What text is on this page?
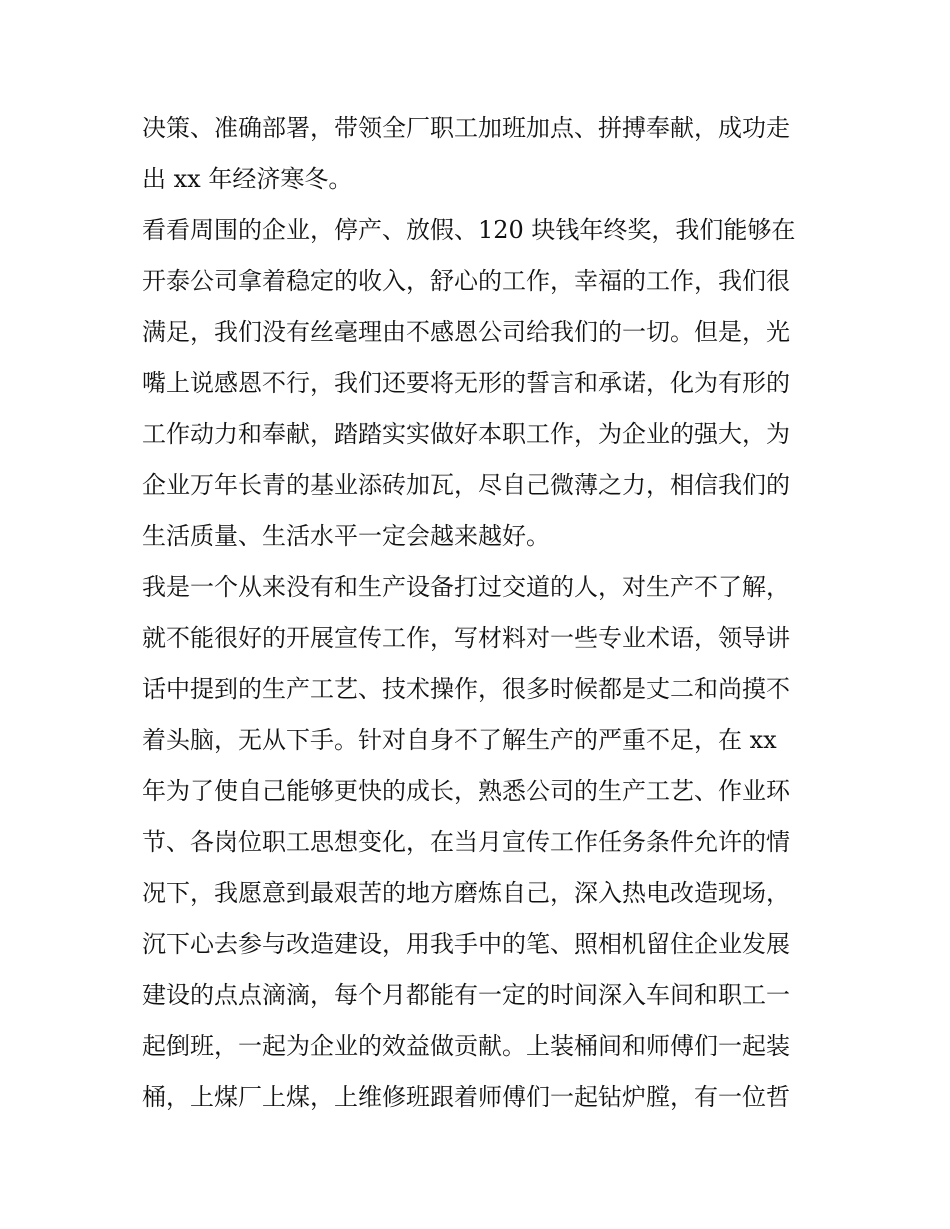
决策、准确部署，带领全厂职工加班加点、拼搏奉献，成功走
出 xx 年经济寒冬。
看看周围的企业，停产、放假、120 块钱年终奖，我们能够在
开泰公司拿着稳定的收入，舒心的工作，幸福的工作，我们很
满足，我们没有丝毫理由不感恩公司给我们的一切。但是，光
嘴上说感恩不行，我们还要将无形的誓言和承诺，化为有形的
工作动力和奉献，踏踏实实做好本职工作，为企业的强大，为
企业万年长青的基业添砖加瓦，尽自己微薄之力，相信我们的
生活质量、生活水平一定会越来越好。
我是一个从来没有和生产设备打过交道的人，对生产不了解，
就不能很好的开展宣传工作，写材料对一些专业术语，领导讲
话中提到的生产工艺、技术操作，很多时候都是丈二和尚摸不
着头脑，无从下手。针对自身不了解生产的严重不足，在 xx
年为了使自己能够更快的成长，熟悉公司的生产工艺、作业环
节、各岗位职工思想变化，在当月宣传工作任务条件允许的情
况下，我愿意到最艰苦的地方磨炼自己，深入热电改造现场，
沉下心去参与改造建设，用我手中的笔、照相机留住企业发展
建设的点点滴滴，每个月都能有一定的时间深入车间和职工一
起倒班，一起为企业的效益做贡献。上装桶间和师傅们一起装
桶，上煤厂上煤，上维修班跟着师傅们一起钻炉膛，有一位哲
